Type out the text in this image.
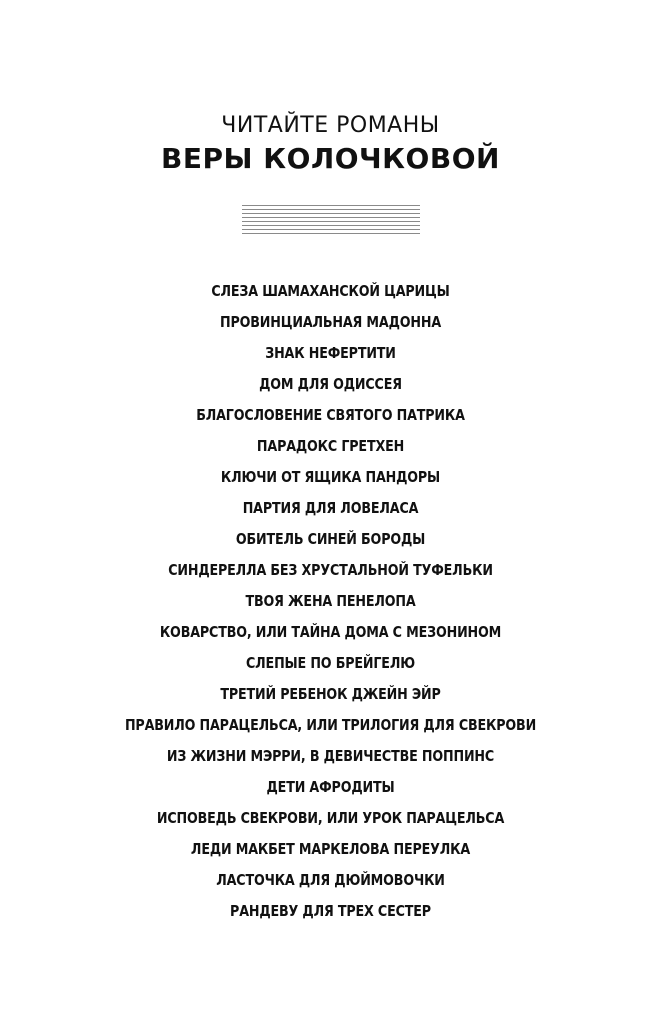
ЧИТАЙТЕ РОМАНЫ
ВЕРЫ КОЛОЧКОВОЙ
СЛЕЗА ШАМАХАНСКОЙ ЦАРИЦЫ
ПРОВИНЦИАЛЬНАЯ МАДОННА
ЗНАК НЕФЕРТИТИ
ДОМ ДЛЯ ОДИССЕЯ
БЛАГОСЛОВЕНИЕ СВЯТОГО ПАТРИКА
ПАРАДОКС ГРЕТХЕН
КЛЮЧИ ОТ ЯЩИКА ПАНДОРЫ
ПАРТИЯ ДЛЯ ЛОВЕЛАСА
ОБИТЕЛЬ СИНЕЙ БОРОДЫ
СИНДЕРЕЛЛА БЕЗ ХРУСТАЛЬНОЙ ТУФЕЛЬКИ
ТВОЯ ЖЕНА ПЕНЕЛОПА
КОВАРСТВО, ИЛИ ТАЙНА ДОМА С МЕЗОНИНОМ
СЛЕПЫЕ ПО БРЕЙГЕЛЮ
ТРЕТИЙ РЕБЕНОК ДЖЕЙН ЭЙР
ПРАВИЛО ПАРАЦЕЛЬСА, ИЛИ ТРИЛОГИЯ ДЛЯ СВЕКРОВИ
ИЗ ЖИЗНИ МЭРРИ, В ДЕВИЧЕСТВЕ ПОППИНС
ДЕТИ АФРОДИТЫ
ИСПОВЕДЬ СВЕКРОВИ, ИЛИ УРОК ПАРАЦЕЛЬСА
ЛЕДИ МАКБЕТ МАРКЕЛОВА ПЕРЕУЛКА
ЛАСТОЧКА ДЛЯ ДЮЙМОВОЧКИ
РАНДЕВУ ДЛЯ ТРЕХ СЕСТЕР
